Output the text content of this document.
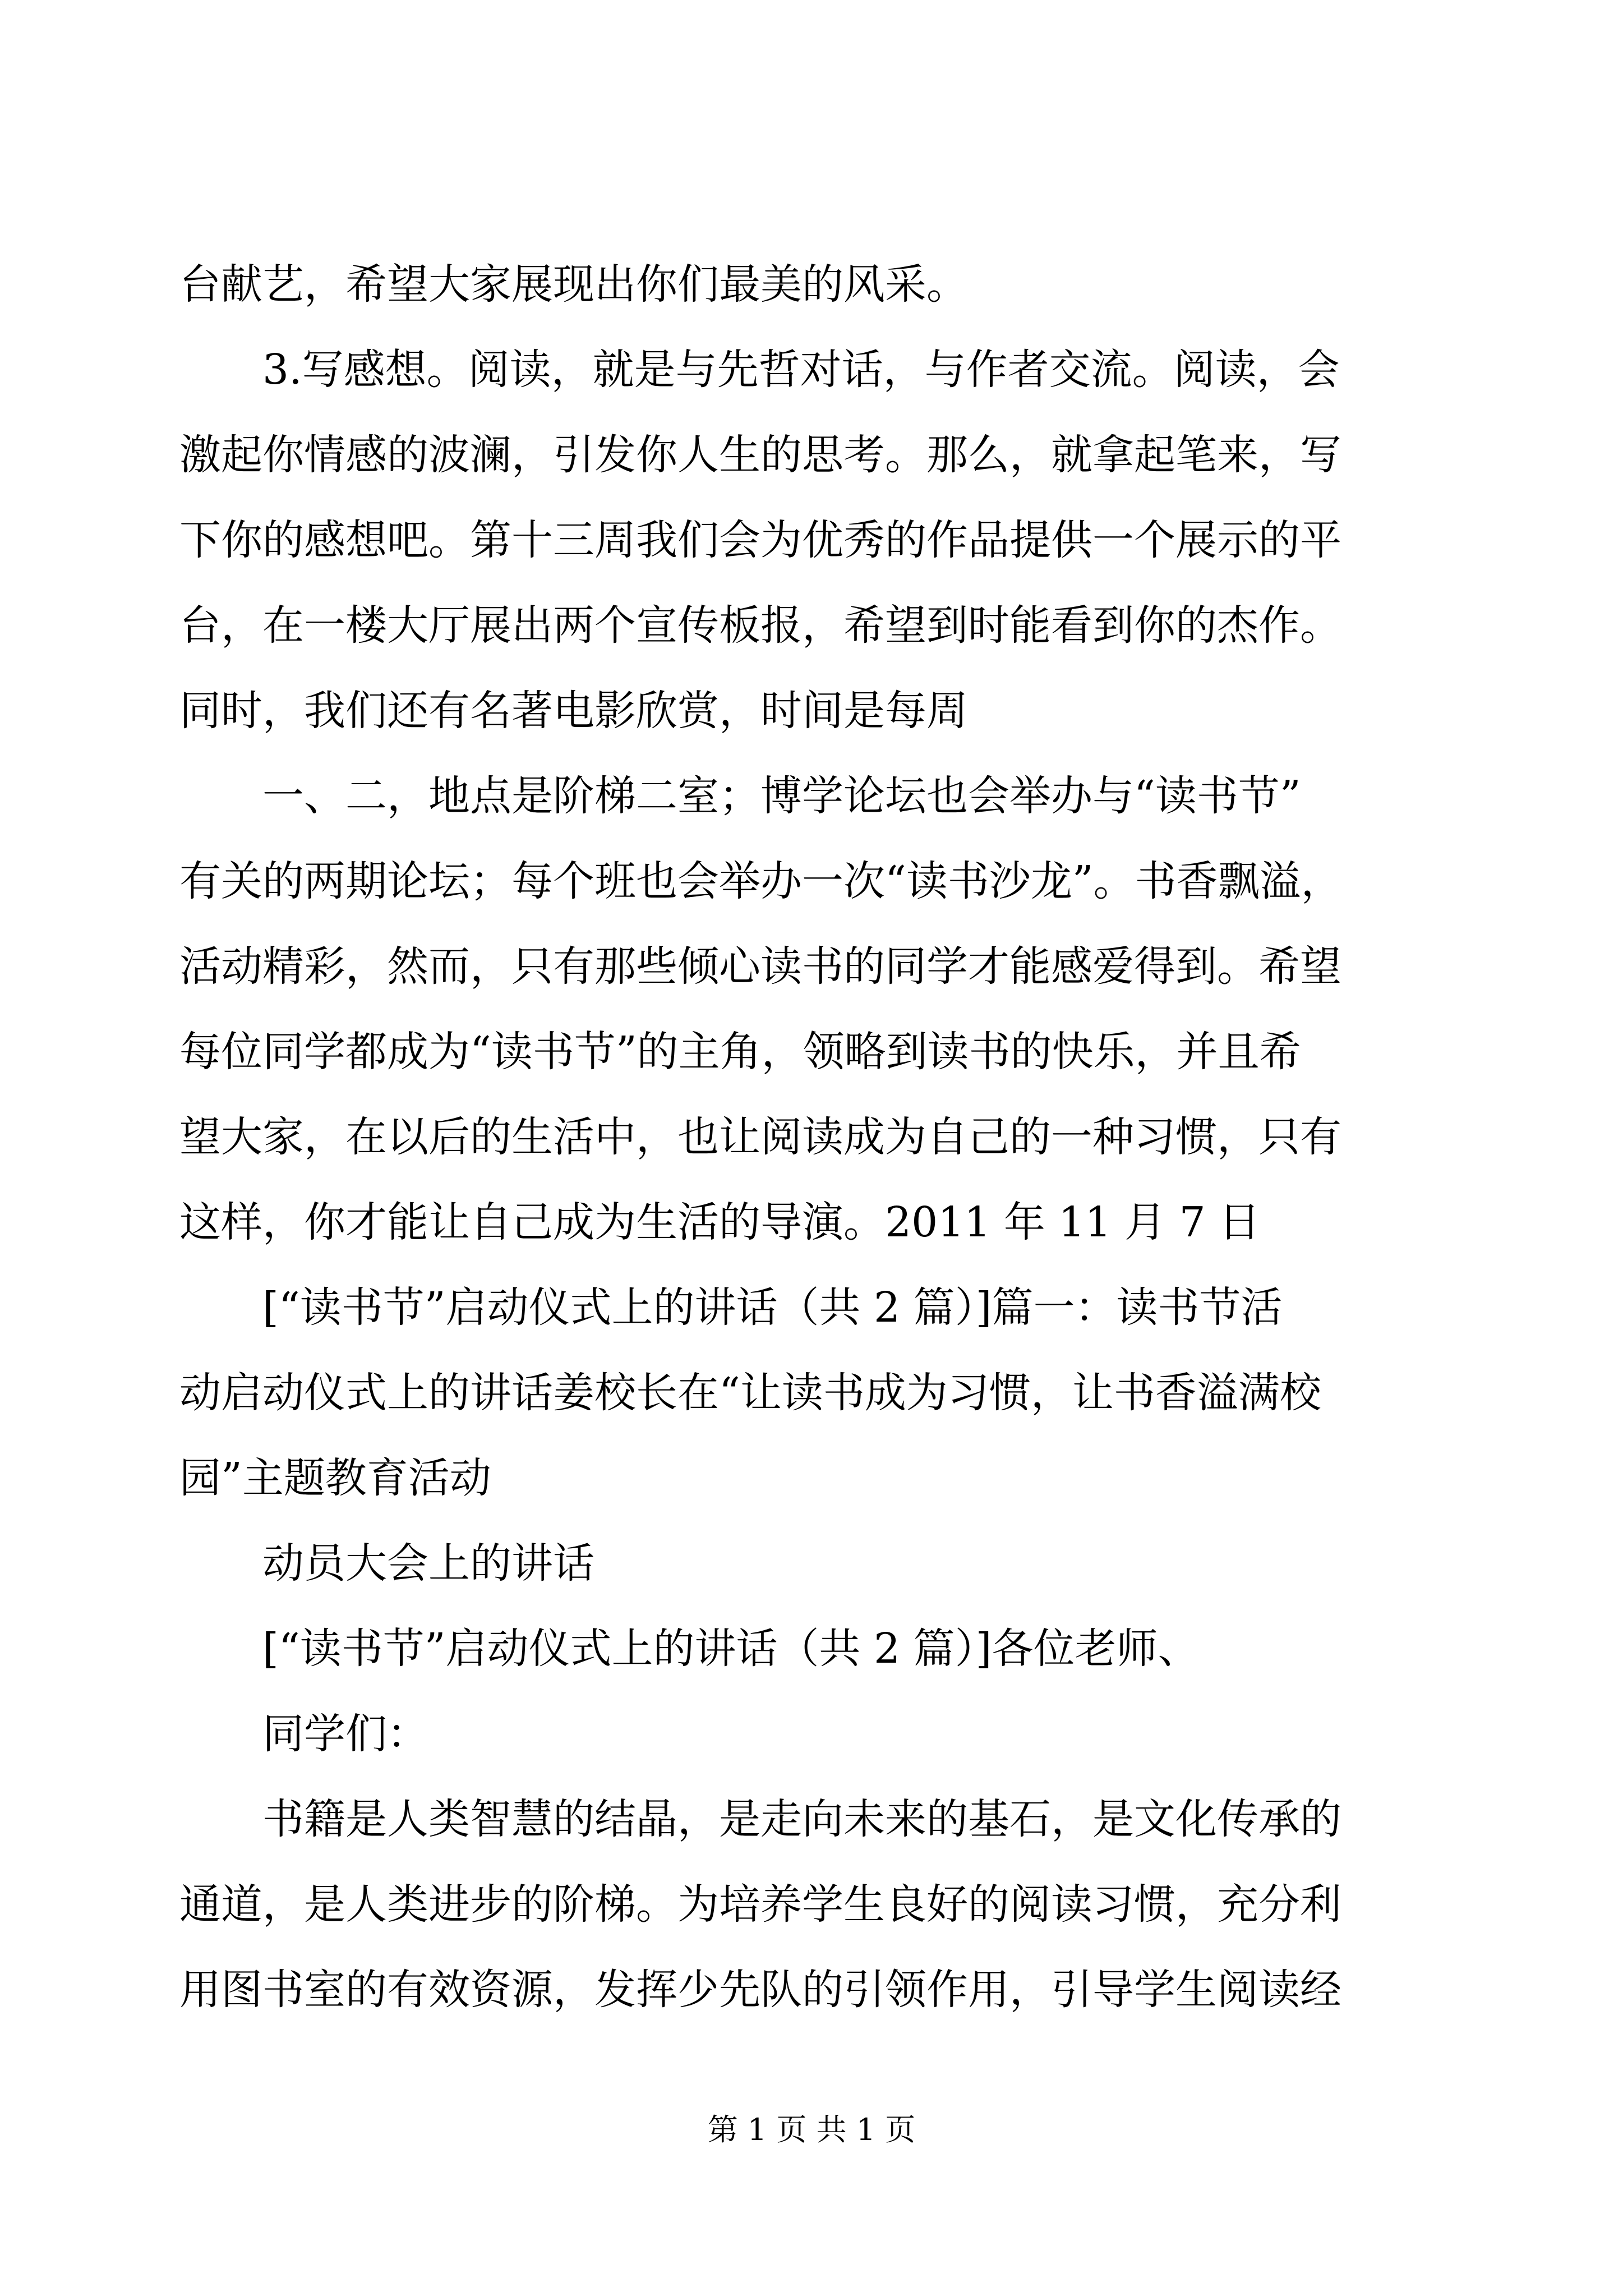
台献艺，希望大家展现出你们最美的风采。
3.写感想。阅读，就是与先哲对话，与作者交流。阅读，会
激起你情感的波澜，引发你人生的思考。那么，就拿起笔来，写
下你的感想吧。第十三周我们会为优秀的作品提供一个展示的平
台，在一楼大厅展出两个宣传板报，希望到时能看到你的杰作。
同时，我们还有名著电影欣赏，时间是每周
一、二，地点是阶梯二室；博学论坛也会举办与“读书节”
有关的两期论坛；每个班也会举办一次“读书沙龙”。书香飘溢，
活动精彩，然而，只有那些倾心读书的同学才能感爱得到。希望
每位同学都成为“读书节”的主角，领略到读书的快乐，并且希
望大家，在以后的生活中，也让阅读成为自己的一种习惯，只有
这样，你才能让自己成为生活的导演。2011 年 11 月 7 日
[“读书节”启动仪式上的讲话（共 2 篇）]篇一：读书节活
动启动仪式上的讲话姜校长在“让读书成为习惯，让书香溢满校
园”主题教育活动
动员大会上的讲话
[“读书节”启动仪式上的讲话（共 2 篇）]各位老师、
同学们：
书籍是人类智慧的结晶，是走向未来的基石，是文化传承的
通道，是人类进步的阶梯。为培养学生良好的阅读习惯，充分利
用图书室的有效资源，发挥少先队的引领作用，引导学生阅读经
第 1 页 共 1 页
